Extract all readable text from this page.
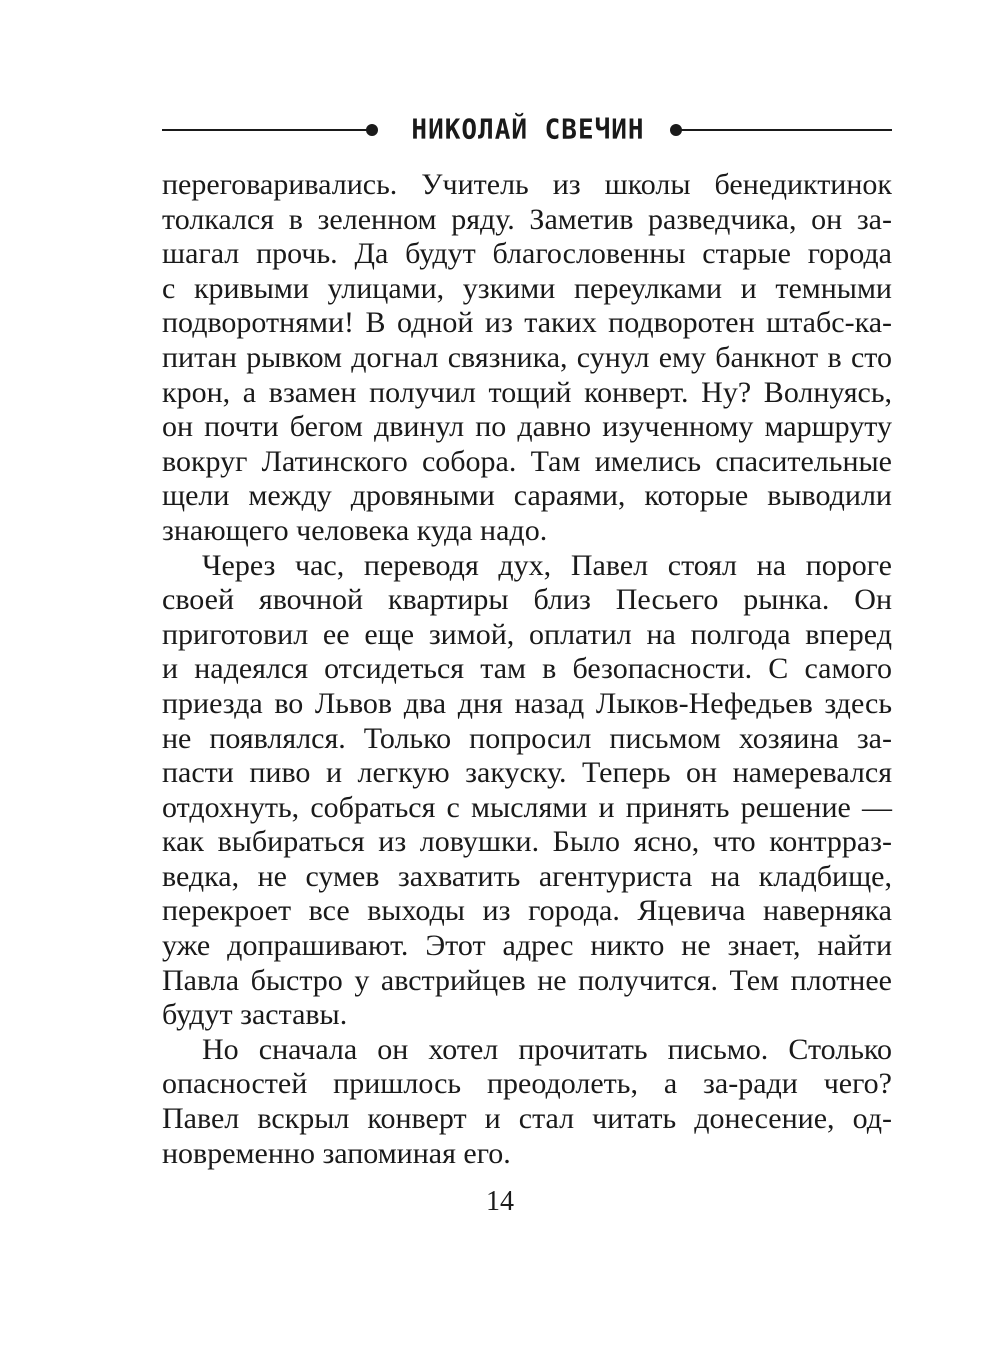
НИКОЛАЙ СВЕЧИН
переговаривались. Учитель из школы бенедиктинок
толкался в зеленном ряду. Заметив разведчика, он за-
шагал прочь. Да будут благословенны старые города
с кривыми улицами, узкими переулками и темными
подворотнями! В одной из таких подворотен штабс-ка-
питан рывком догнал связника, сунул ему банкнот в сто
крон, а взамен получил тощий конверт. Ну? Волнуясь,
он почти бегом двинул по давно изученному маршруту
вокруг Латинского собора. Там имелись спасительные
щели между дровяными сараями, которые выводили
знающего человека куда надо.
Через час, переводя дух, Павел стоял на пороге
своей явочной квартиры близ Песьего рынка. Он
приготовил ее еще зимой, оплатил на полгода вперед
и надеялся отсидеться там в безопасности. С самого
приезда во Львов два дня назад Лыков-Нефедьев здесь
не появлялся. Только попросил письмом хозяина за-
пасти пиво и легкую закуску. Теперь он намеревался
отдохнуть, собраться с мыслями и принять решение —
как выбираться из ловушки. Было ясно, что контрраз-
ведка, не сумев захватить агентуриста на кладбище,
перекроет все выходы из города. Яцевича наверняка
уже допрашивают. Этот адрес никто не знает, найти
Павла быстро у австрийцев не получится. Тем плотнее
будут заставы.
Но сначала он хотел прочитать письмо. Столько
опасностей пришлось преодолеть, а за-ради чего?
Павел вскрыл конверт и стал читать донесение, од-
новременно запоминая его.
14
